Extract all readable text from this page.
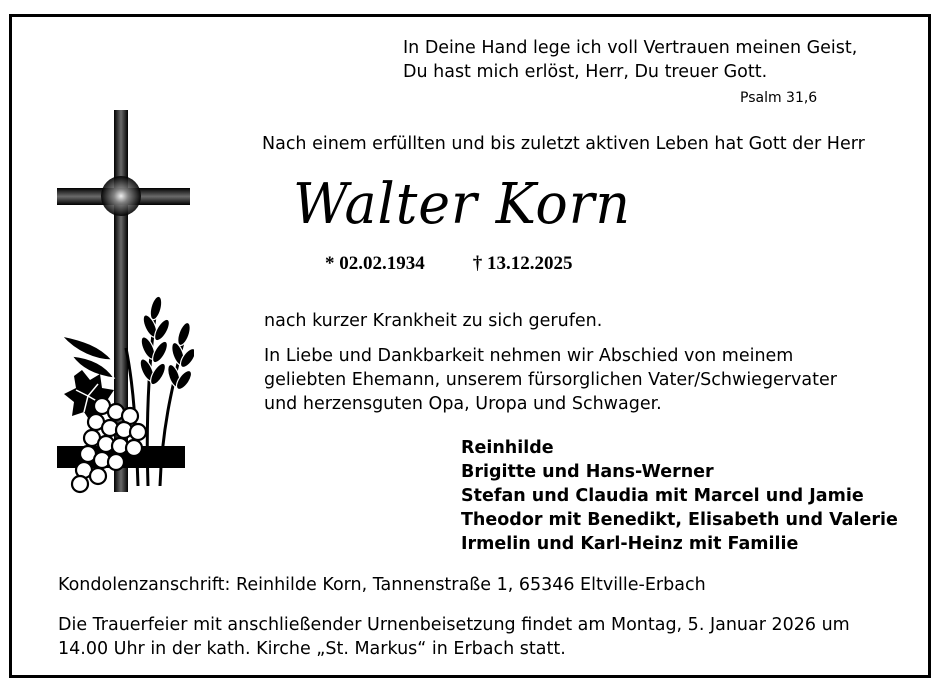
In Deine Hand lege ich voll Vertrauen meinen Geist,
Du hast mich erlöst, Herr, Du treuer Gott.
Psalm 31,6
Nach einem erfüllten und bis zuletzt aktiven Leben hat Gott der Herr
Walter Korn
* 02.02.1934	† 13.12.2025
nach kurzer Krankheit zu sich gerufen.
In Liebe und Dankbarkeit nehmen wir Abschied von meinem
geliebten Ehemann, unserem fürsorglichen Vater/Schwiegervater
und herzensguten Opa, Uropa und Schwager.
Reinhilde
Brigitte und Hans-Werner
Stefan und Claudia mit Marcel und Jamie
Theodor mit Benedikt, Elisabeth und Valerie
Irmelin und Karl-Heinz mit Familie
Kondolenzanschrift: Reinhilde Korn, Tannenstraße 1, 65346 Eltville-Erbach
Die Trauerfeier mit anschließender Urnenbeisetzung findet am Montag, 5. Januar 2026 um
14.00 Uhr in der kath. Kirche „St. Markus“ in Erbach statt.
